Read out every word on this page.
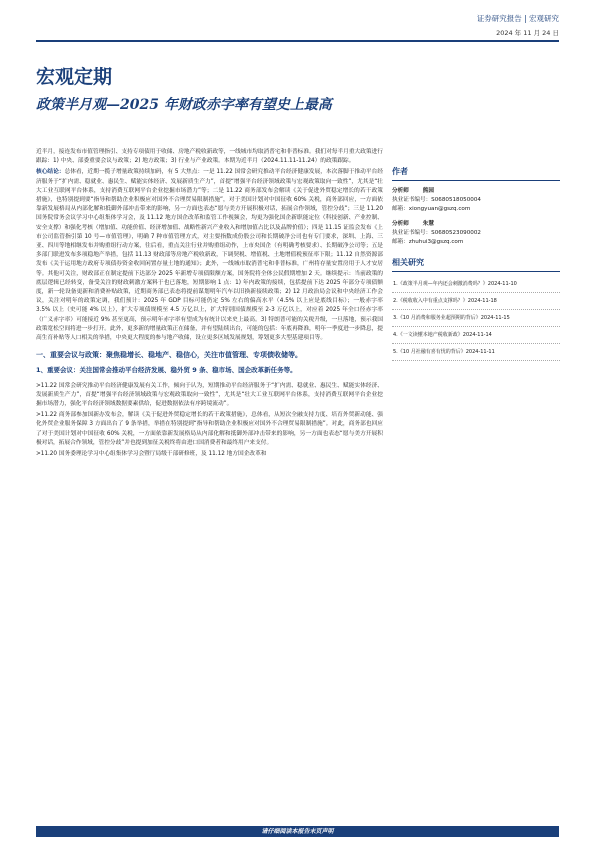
证券研究报告 | 宏观研究
2024 年 11 月 24 日
宏观定期
政策半月观—2025 年财政赤字率有望史上最高

近半月，接连发布市值管理指引、支持专项债用于收储、房地产税收新政等，一线城市均取消普宅和非普标准。我们对每半月重大政策进行跟踪：1) 中央、部委重要会议与政策；2) 地方政策；3) 行业与产业政策。本期为近半月（2024.11.11-11.24）的政策跟踪。

核心结论：总体看，近期一揽子增量政策持续加码，有 5 大焦点：一是 11.22 国常会研究推动平台经济健康发展，本次落脚于推动平台经济服务于“扩内需、稳就业、惠民生、赋能实体经济、发展新质生产力”，首提“增强平台经济领域政策与宏观政策取向一致性”，尤其是“壮大工业互联网平台体系，支持消费互联网平台企业挖掘市场潜力”等；二是 11.22 商务部发布会解读《关于促进外贸稳定增长的若干政策措施》，也特别提到要“指导和帮助企业积极应对国外不合理贸易限制措施”，对于美国计划对中国征收 60% 关税，商务部回应，一方面依靠新发展格局从内部化解和抵御外部冲击带来的影响，另一方面也表态“愿与美方开展积极对话，拓展合作领域，管控分歧”；三是 11.20 国务院常务会议学习中心组集体学习会，及 11.12 地方国企改革和监管工作视频会，均更为强化国企新职能定位（科技创新、产业控制、安全支撑）和强化考核（增加值、功能价值、经济增加值、战略性新兴产业收入和增加值占比以及品牌价值）；四是 11.15 证监会发布《上市公司监管指引第 10 号—市值管理》，明确 7 种市值管理方式，对主要指数成份股公司和长期破净公司也有专门要求，深圳、上海、三亚、四川等地相继发布并购重组行动方案，往后看，重点关注行业并购重组动作，上市央国企（有明确考核要求）、长期破净公司等；五是多部门联进发布多项稳地产举措，包括 11.13 财政部等房地产税收新政，下调契税、增值税、土地增值税预征率下限；11.12 自然资源部发布《关于运用地方政府专项债券资金收回闲置存量土地的通知》；此外，一线城市取消普宅和非普标准，广州将存量安置房用于人才安居等。其他可关注，财政部正在制定提前下达部分 2025 年新增专项债限额方案，国务院将全体公民假期增加 2 天。继续提示：当前政策的底层逻辑已经转变，备受关注的财政刺激方案料于也已落地，短期影响 1 点：1) 年内政策的接续，包括提前下达 2025 年部分专项债额度，新一轮设备更新和消费补贴政策，近期商务部已表态将提前谋划明年汽车以旧换新接续政策；2) 12 月政治局会议和中央经济工作会议，关注对明年的政策定调，我们预计：2025 年 GDP 目标可能仍定 5% 左右的偏高水平（4.5% 以上应是底线目标）；一般赤字率 3.5% 以上（史可能 4% 以上），扩大专项债规模至 4.5 万亿以上，扩大特别国债规模至 2-3 万亿以上，对应着 2025 年全口径赤字率（广义赤字率）可能接近 9% 甚至更高，预示明年赤字率有望成为有统计以来史上最高。3) 特朗普可能的关税升级，一旦落地，预示我国政策宽松空间将进一步打开。此外，更多新的增量政策正在储备，并有望陆续出台，可能的包括：年底再降准，明年一季度进一步降息，提高生育补贴等人口相关的举措，中央更大程度的参与地产收储，设立更多区域发展规划，筹划更多大型基建项目等。

一、重要会议与政策：聚焦稳增长、稳地产、稳信心，关注市值管理、专项债收储等。

1、重要会议：关注国常会推动平台经济发展、稳外贸 9 条、稳市场、国企改革新任务等。

>11.22 国常会研究推动平台经济健康发展有关工作，倾向于认为，短期推动平台经济服务于“扩内需、稳就业、惠民生、赋能实体经济、发展新质生产力”，首提“增强平台经济领域政策与宏观政策取向一致性”，尤其是“壮大工业互联网平台体系，支持消费互联网平台企业挖掘市场潜力，强化平台经济领域数据要素供给，促进数据依法有序跨境流动”。

>11.22 商务部参加国新办发布会，解读《关于促进外贸稳定增长的若干政策措施》，总体看，从短次全融支持力度、培育外贸新动能、强化外贸企业服务保障 3 方面出台了 9 条举措，举措在特别提到“指导和帮助企业积极应对国外不合理贸易限制措施”。对此，商务部也回应了对于美国计划对中国征收 60% 关税，一方面依靠新发展格局从内部化解和抵御外部冲击带来的影响，另一方面也表态“愿与美方开展积极对话，拓展合作领域，管控分歧”并也提到加征关税终将由进口国消费者和最终用户来支付。

>11.20 国务委理论学习中心组集体学习会暨厅局级干部研修班，及 11.12 地方国企改革和

作者
分析师	熊园
执业证书编号：S0680518050004
邮箱：xiongyuan@gszq.com
分析师	朱慧
执业证书编号：S0680523090002
邮箱：zhuhui3@gszq.com
相关研究
1.《政策半月观—年内还会刺激消费吗？》2024-11-10
2.《税收收入中有重点支撑吗？》2024-11-18
3.《10 月消费和服务业超预期的背后》2024-11-15
4.《一文读懂本地产税收新政》2024-11-14
5.《10 月社融有喜有忧的背后》2024-11-11
请仔细阅读本报告末页声明
